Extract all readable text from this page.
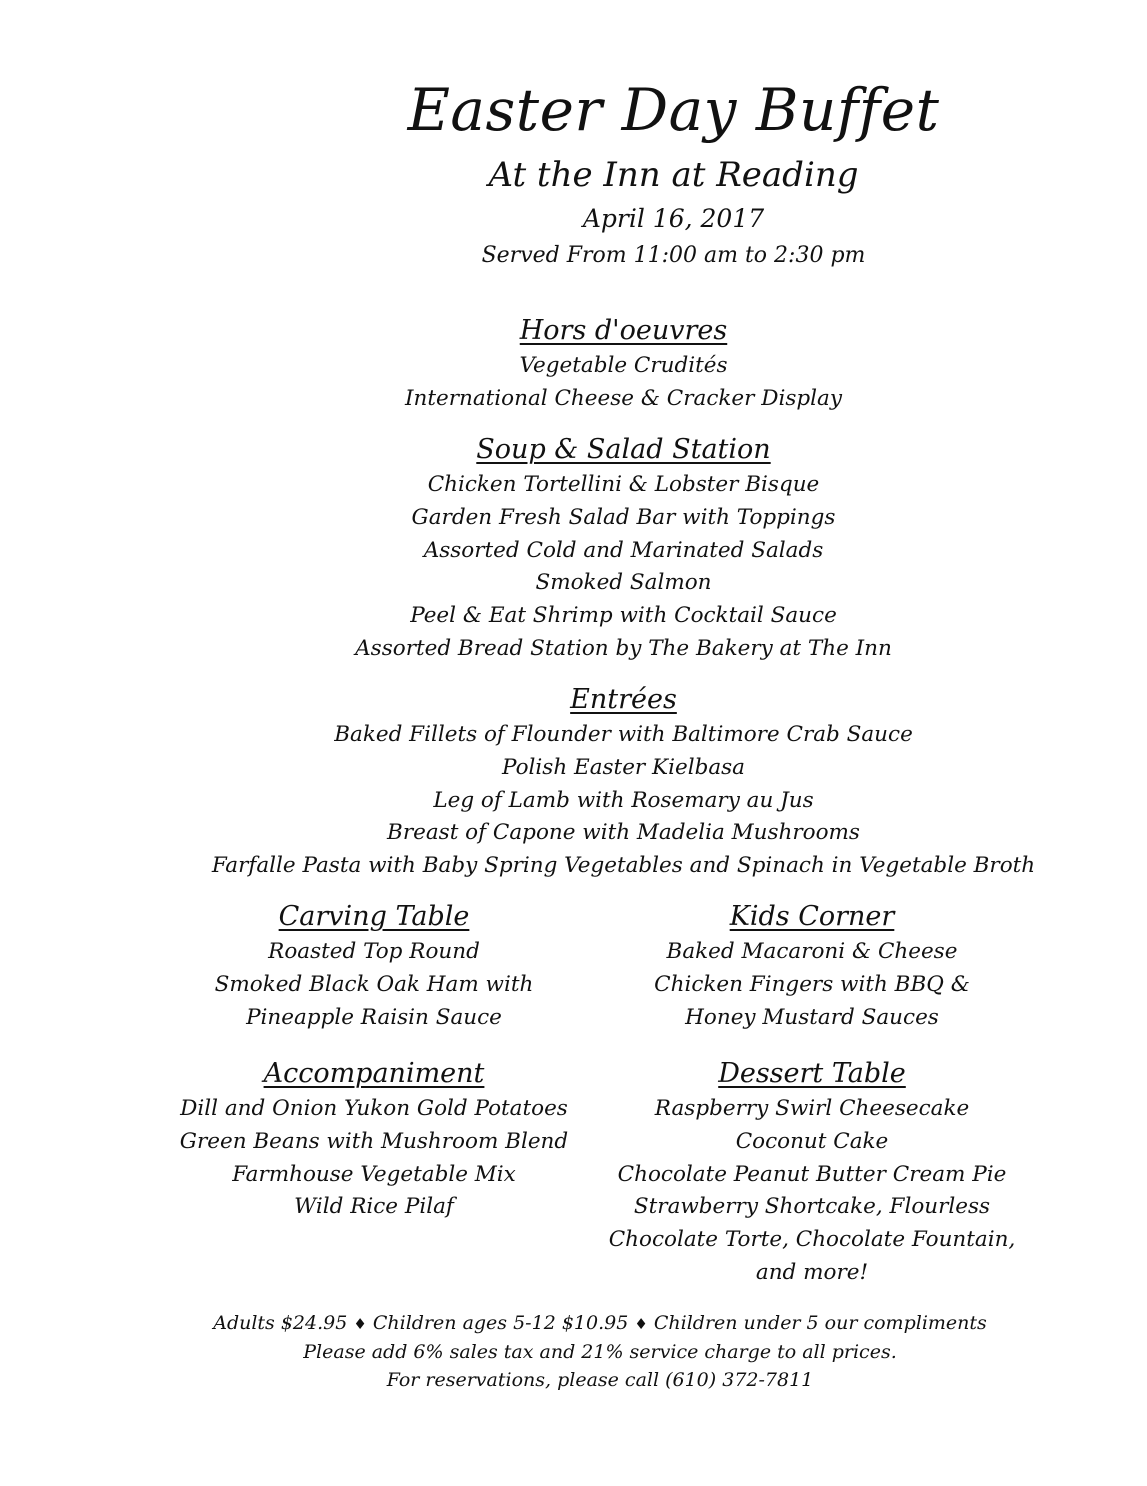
Easter Day Buffet
At the Inn at Reading
April 16, 2017
Served From 11:00 am to 2:30 pm
Hors d'oeuvres
Vegetable Crudités
International Cheese & Cracker Display
Soup & Salad Station
Chicken Tortellini & Lobster Bisque
Garden Fresh Salad Bar with Toppings
Assorted Cold and Marinated Salads
Smoked Salmon
Peel & Eat Shrimp with Cocktail Sauce
Assorted Bread Station by The Bakery at The Inn
Entrées
Baked Fillets of Flounder with Baltimore Crab Sauce
Polish Easter Kielbasa
Leg of Lamb with Rosemary au Jus
Breast of Capone with Madelia Mushrooms
Farfalle Pasta with Baby Spring Vegetables and Spinach in Vegetable Broth
Carving Table
Roasted Top Round
Smoked Black Oak Ham with
Pineapple Raisin Sauce
Kids Corner
Baked Macaroni & Cheese
Chicken Fingers with BBQ &
Honey Mustard Sauces
Accompaniment
Dill and Onion Yukon Gold Potatoes
Green Beans with Mushroom Blend
Farmhouse Vegetable Mix
Wild Rice Pilaf
Dessert Table
Raspberry Swirl Cheesecake
Coconut Cake
Chocolate Peanut Butter Cream Pie
Strawberry Shortcake, Flourless
Chocolate Torte, Chocolate Fountain,
and more!
Adults $24.95 ♦ Children ages 5-12 $10.95 ♦ Children under 5 our compliments
Please add 6% sales tax and 21% service charge to all prices.
For reservations, please call (610) 372-7811
